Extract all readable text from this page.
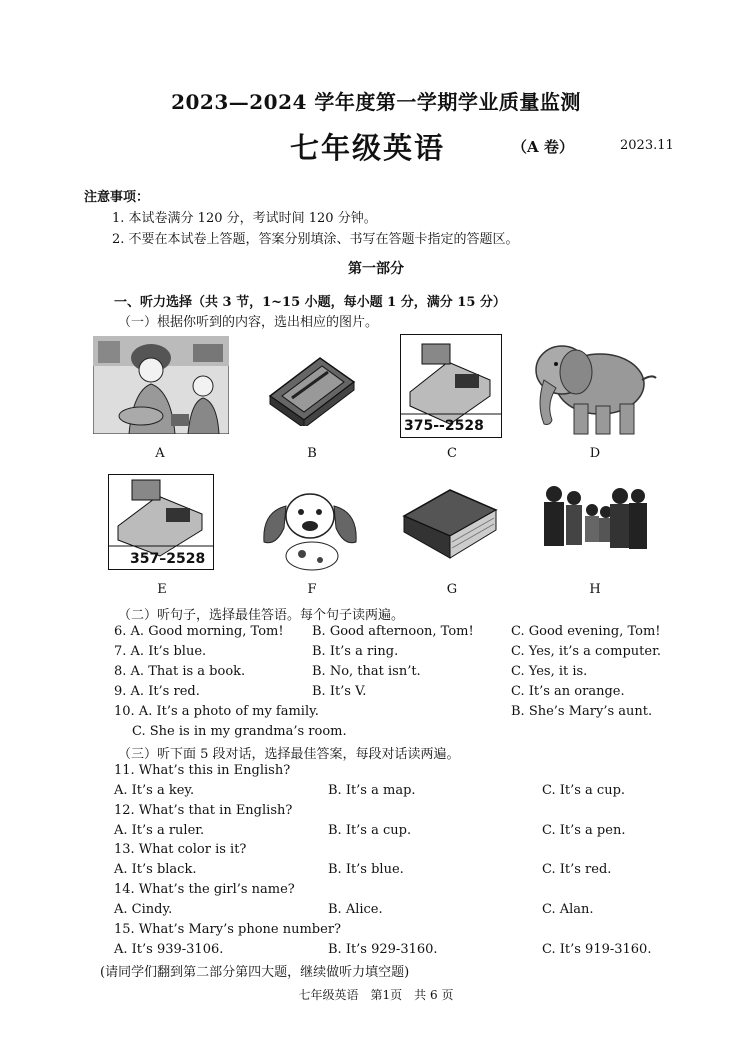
2023—2024 学年度第一学期学业质量监测
七年级英语	（A 卷）	2023.11
注意事项：
1. 本试卷满分 120 分，考试时间 120 分钟。
2. 不要在本试卷上答题，答案分别填涂、书写在答题卡指定的答题区。
第一部分
一、听力选择（共 3 节，1~15 小题，每小题 1 分，满分 15 分）
（一）根据你听到的内容，选出相应的图片。
375--2528
A	B	C	D
357–2528
E	F	G	H
（二）听句子，选择最佳答语。每个句子读两遍。
6. A. Good morning, Tom! B. Good afternoon, Tom!	C. Good evening, Tom!
7. A. It’s blue.	B. It’s a ring.	C. Yes, it’s a computer.
8. A. That is a book.	B. No, that isn’t.	C. Yes, it is.
9. A. It’s red.	B. It’s V.	C. It’s an orange.
10. A. It’s a photo of my family.	B. She’s Mary’s aunt.
C. She is in my grandma’s room.
（三）听下面 5 段对话，选择最佳答案，每段对话读两遍。
11. What’s this in English?
A. It’s a key.	B. It’s a map.	C. It’s a cup.
12. What’s that in English?
A. It’s a ruler.	B. It’s a cup.	C. It’s a pen.
13. What color is it?
A. It’s black.	B. It’s blue.	C. It’s red.
14. What’s the girl’s name?
A. Cindy.	B. Alice.	C. Alan.
15. What’s Mary’s phone number?
A. It’s 939-3106.	B. It’s 929-3160.	C. It’s 919-3160.
(请同学们翻到第二部分第四大题，继续做听力填空题)
七年级英语　第1页　共 6 页
